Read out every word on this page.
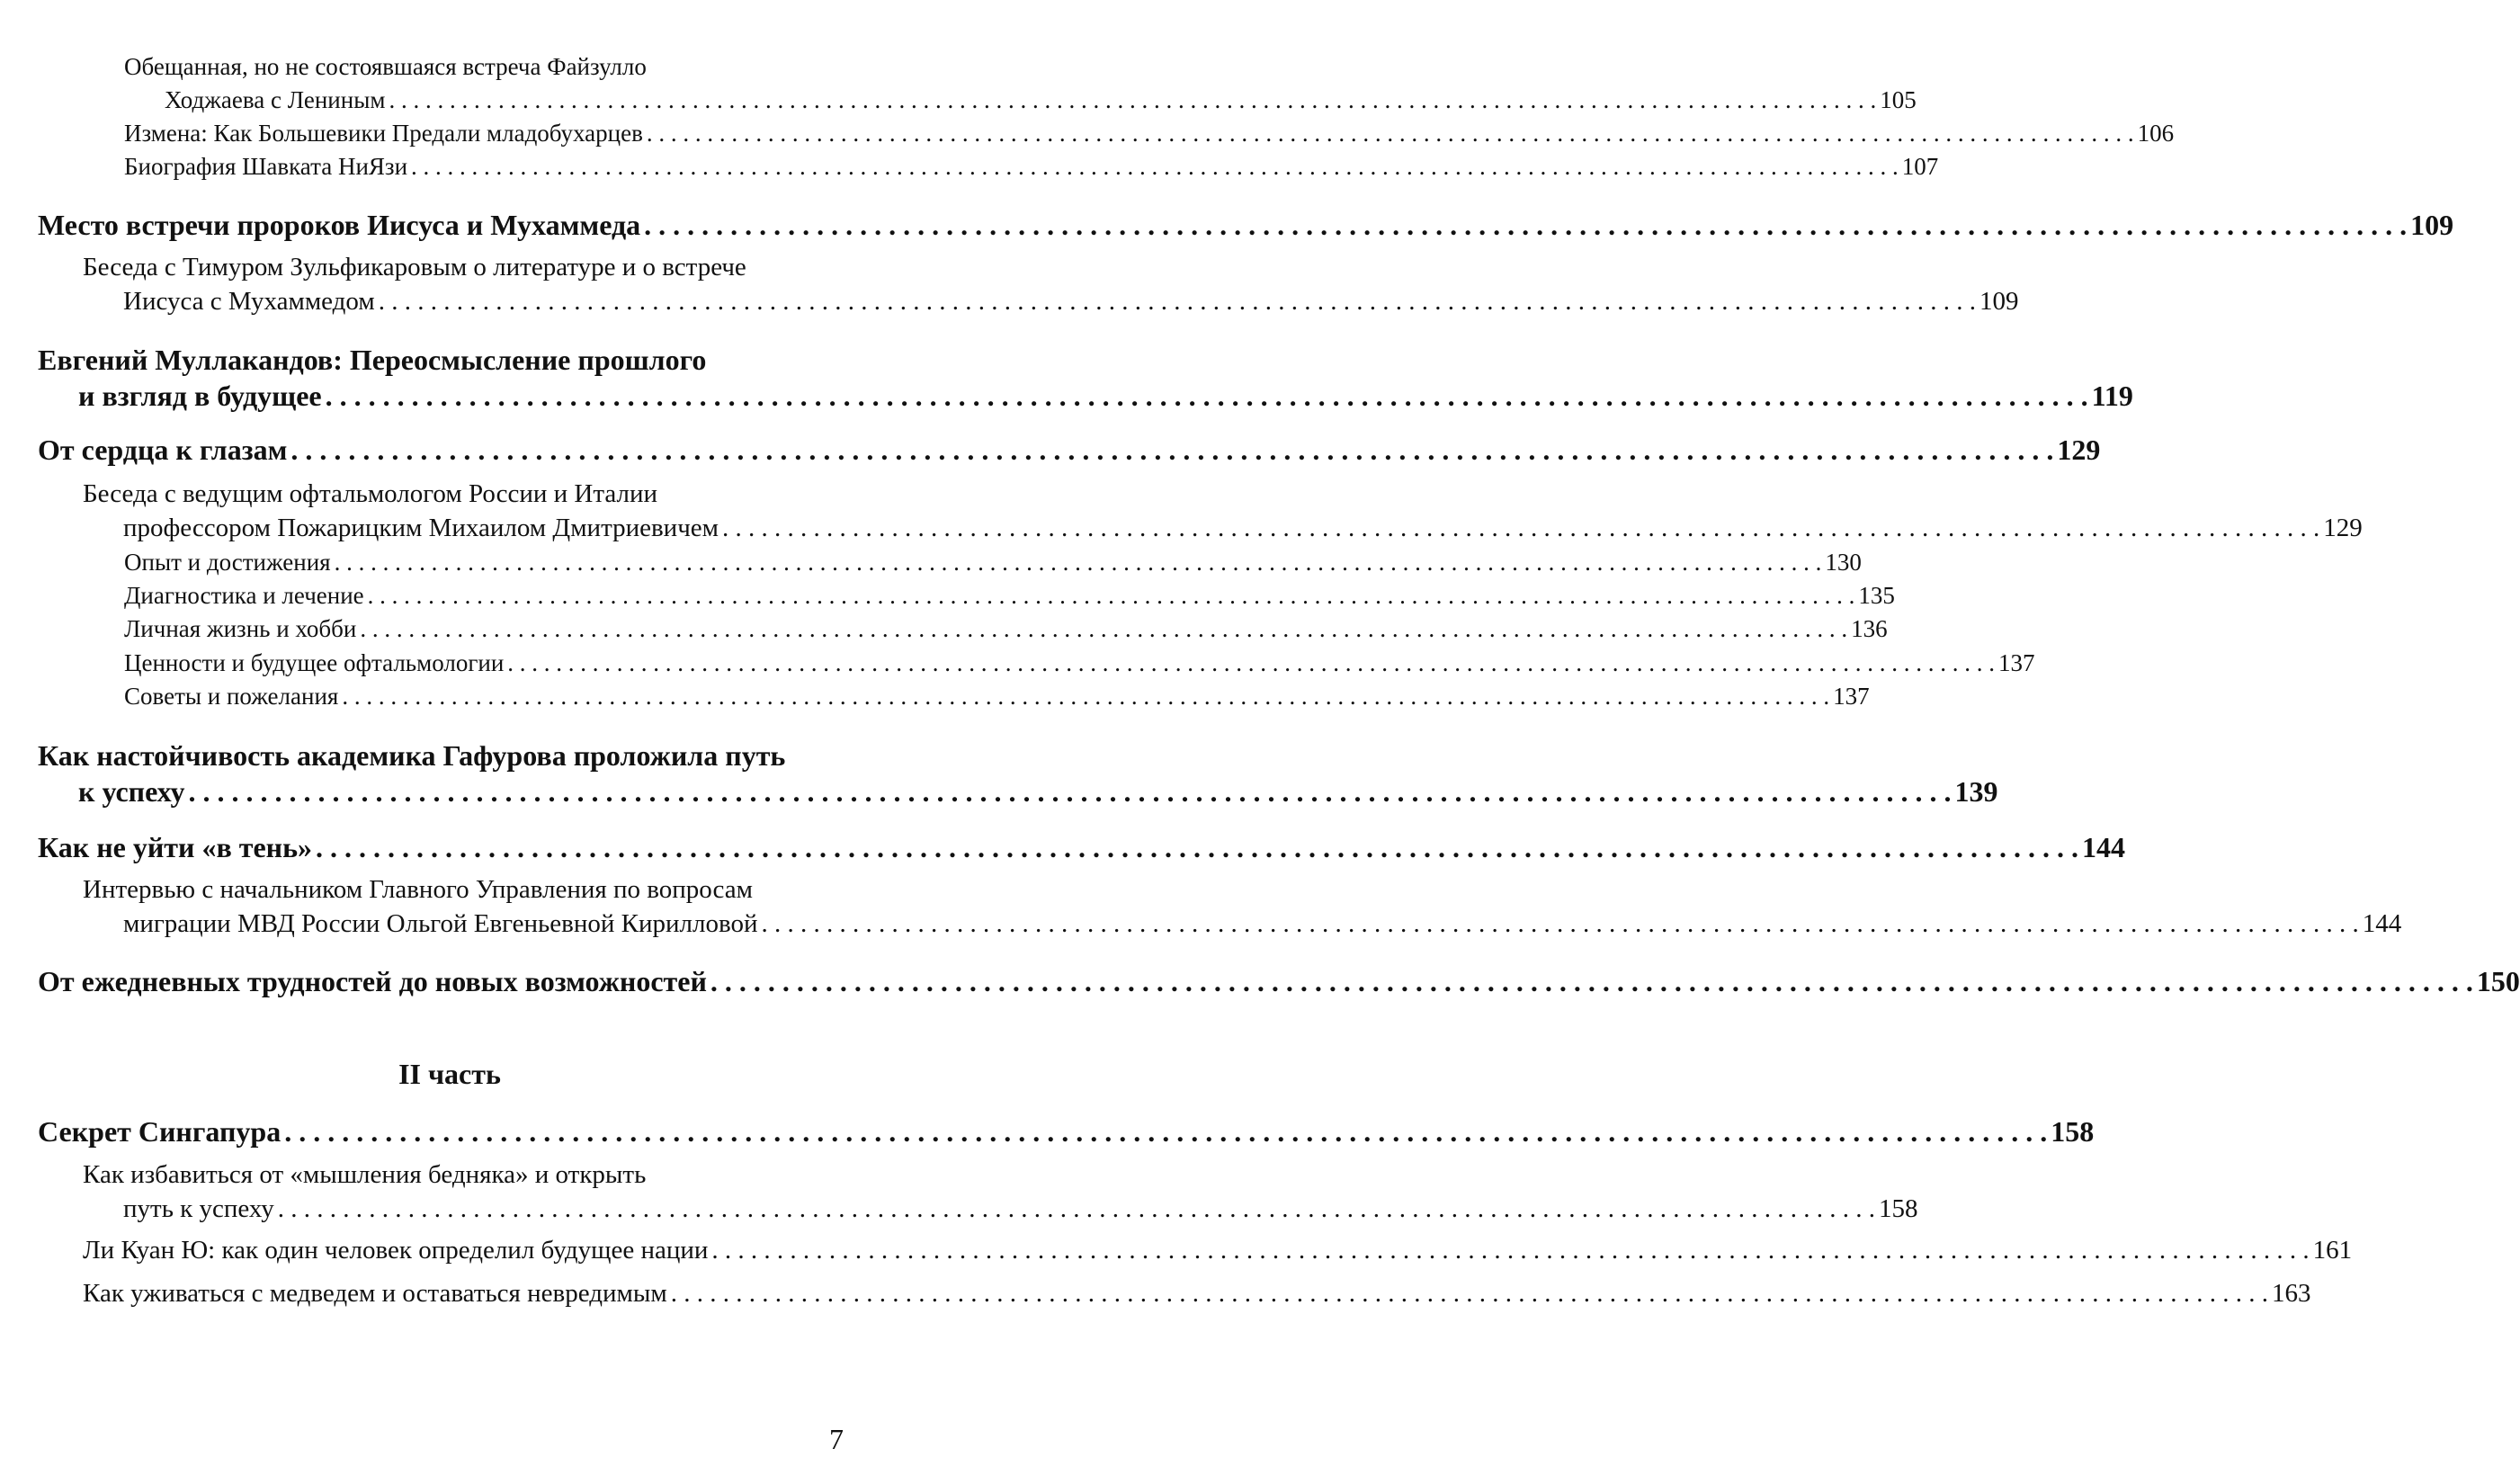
Обещанная, но не состоявшаяся встреча Файзулло
Ходжаева с Лениным . . .	105
Измена: Как Большевики Предали младобухарцев . . .	106
Биография Шавката НиЯзи . . .	107
Место встречи пророков Иисуса и Мухаммеда . . .	109
Беседа с Тимуром Зульфикаровым о литературе и о встрече
Иисуса с Мухаммедом . . .	109
Евгений Муллакандов: Переосмысление прошлого
и взгляд в будущее . . .	119
От сердца к глазам . . .	129
Беседа с ведущим офтальмологом России и Италии
профессором Пожарицким Михаилом Дмитриевичем . . .	129
Опыт и достижения . . .	130
Диагностика и лечение . . .	135
Личная жизнь и хобби . . .	136
Ценности и будущее офтальмологии . . .	137
Советы и пожелания . . .	137
Как настойчивость академика Гафурова проложила путь
к успеху . . .	139
Как не уйти «в тень» . . .	144
Интервью с начальником Главного Управления по вопросам
миграции МВД России Ольгой Евгеньевной Кирилловой . . .	144
От ежедневных трудностей до новых возможностей . . .	150
II часть
Секрет Сингапура . . .	158
Как избавиться от «мышления бедняка» и открыть
путь к успеху . . .	158
Ли Куан Ю: как один человек определил будущее нации . . .	161
Как уживаться с медведем и оставаться невредимым . . .	163
7
